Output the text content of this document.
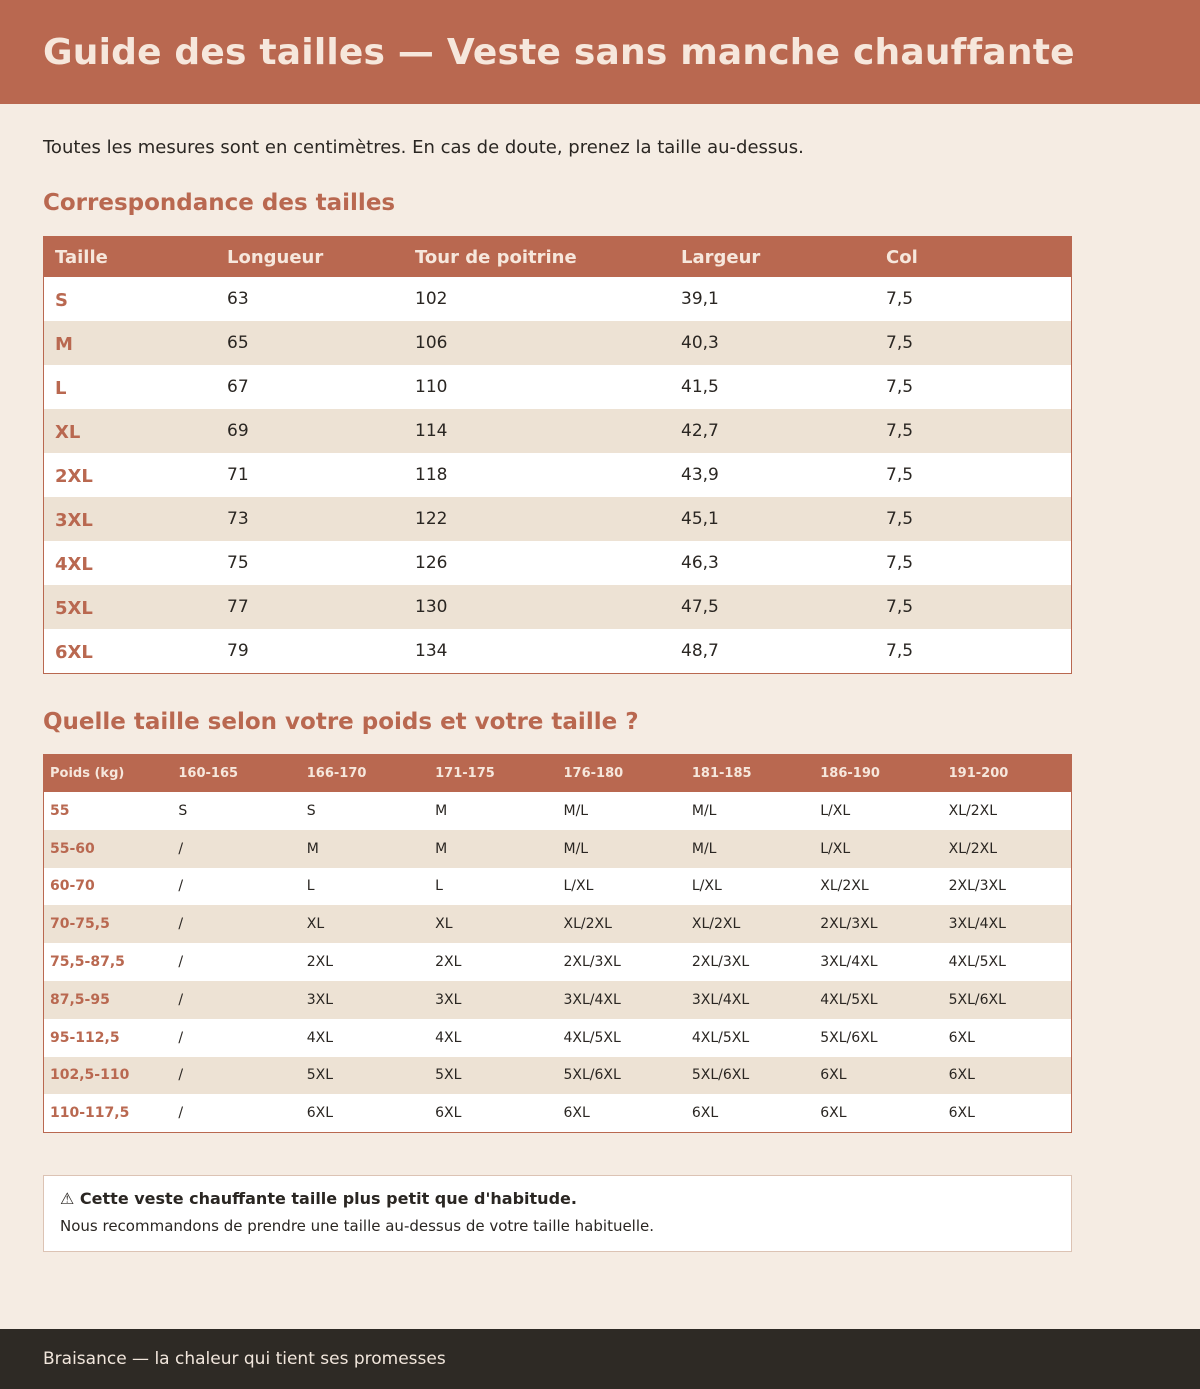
Guide des tailles — Veste sans manche chauffante
Toutes les mesures sont en centimètres. En cas de doute, prenez la taille au-dessus.
Correspondance des tailles
Taille	Longueur	Tour de poitrine	Largeur	Col
S	63	102	39,1	7,5
M	65	106	40,3	7,5
L	67	110	41,5	7,5
XL	69	114	42,7	7,5
2XL	71	118	43,9	7,5
3XL	73	122	45,1	7,5
4XL	75	126	46,3	7,5
5XL	77	130	47,5	7,5
6XL	79	134	48,7	7,5
Quelle taille selon votre poids et votre taille ?
Poids (kg)	160-165	166-170	171-175	176-180	181-185	186-190	191-200
55	S	S	M	M/L	M/L	L/XL	XL/2XL
55-60	/	M	M	M/L	M/L	L/XL	XL/2XL
60-70	/	L	L	L/XL	L/XL	XL/2XL	2XL/3XL
70-75,5	/	XL	XL	XL/2XL	XL/2XL	2XL/3XL	3XL/4XL
75,5-87,5	/	2XL	2XL	2XL/3XL	2XL/3XL	3XL/4XL	4XL/5XL
87,5-95	/	3XL	3XL	3XL/4XL	3XL/4XL	4XL/5XL	5XL/6XL
95-112,5	/	4XL	4XL	4XL/5XL	4XL/5XL	5XL/6XL	6XL
102,5-110	/	5XL	5XL	5XL/6XL	5XL/6XL	6XL	6XL
110-117,5	/	6XL	6XL	6XL	6XL	6XL	6XL
⚠ Cette veste chauffante taille plus petit que d'habitude.
Nous recommandons de prendre une taille au-dessus de votre taille habituelle.
Braisance — la chaleur qui tient ses promesses
